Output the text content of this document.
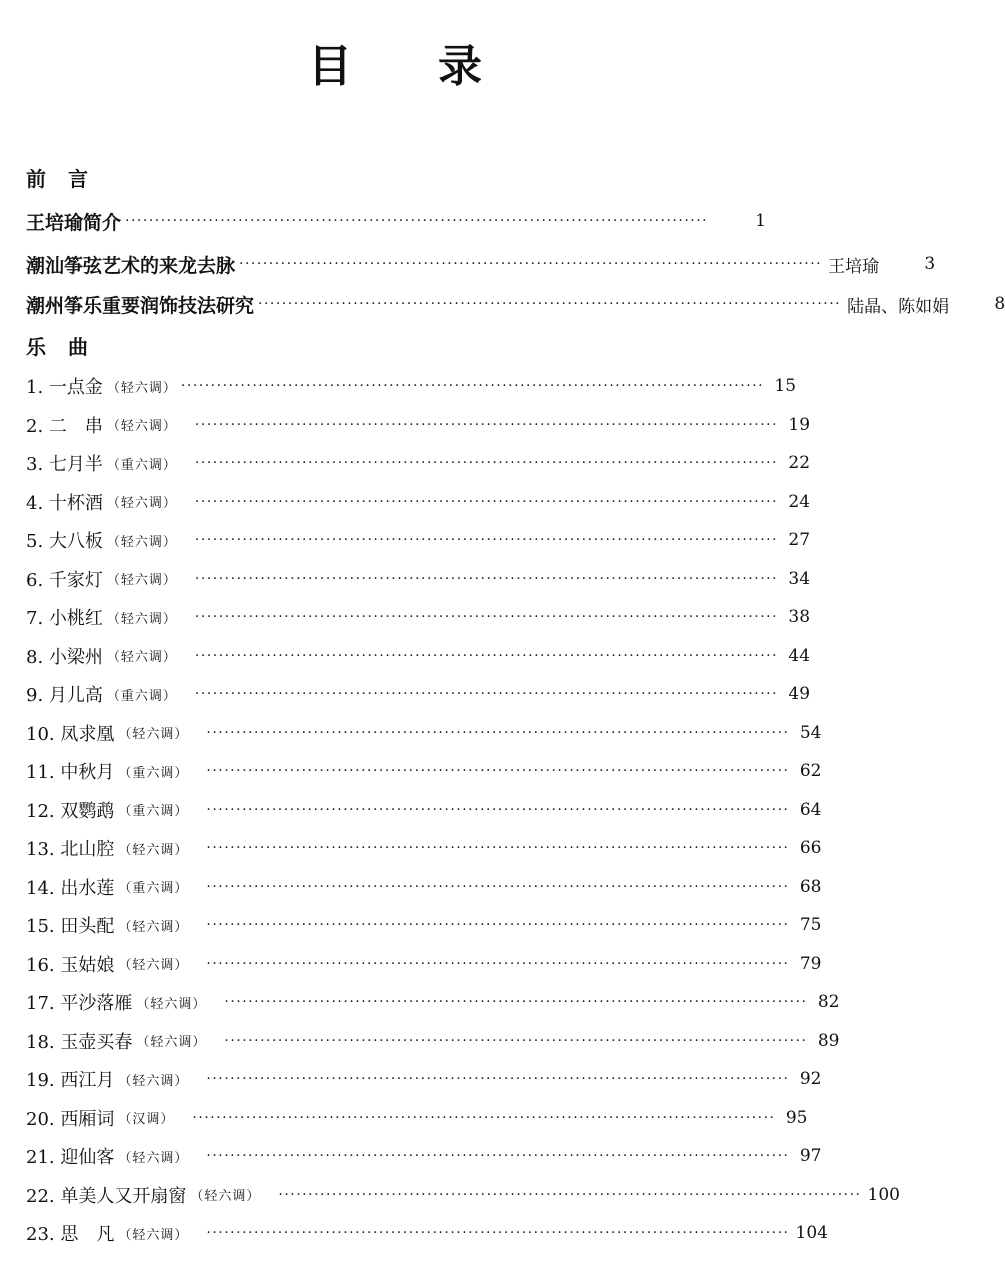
目 录
前 言
王培瑜简介 ··································································································	1
潮汕筝弦艺术的来龙去脉 ·································································································· 王培瑜	3
潮州筝乐重要润饰技法研究 ·································································································· 陆晶、陈如娟	8
乐 曲
1. 一点金 （轻六调） ·································································································· 15
2. 二　串 （轻六调） ·································································································· 19
3. 七月半 （重六调） ·································································································· 22
4. 十杯酒 （轻六调） ·································································································· 24
5. 大八板 （轻六调） ·································································································· 27
6. 千家灯 （轻六调） ·································································································· 34
7. 小桃红 （轻六调） ·································································································· 38
8. 小梁州 （轻六调） ·································································································· 44
9. 月儿高 （重六调） ·································································································· 49
10. 凤求凰 （轻六调） ·································································································· 54
11. 中秋月 （重六调） ·································································································· 62
12. 双鹦鹉 （重六调） ·································································································· 64
13. 北山腔 （轻六调） ·································································································· 66
14. 出水莲 （重六调） ·································································································· 68
15. 田头配 （轻六调） ·································································································· 75
16. 玉姑娘 （轻六调） ·································································································· 79
17. 平沙落雁 （轻六调） ·································································································· 82
18. 玉壶买春 （轻六调） ·································································································· 89
19. 西江月 （轻六调） ·································································································· 92
20. 西厢词 （汉调） ·································································································· 95
21. 迎仙客 （轻六调） ·································································································· 97
22. 单美人又开扇窗 （轻六调） ·································································································· 100
23. 思　凡 （轻六调） ·································································································· 104
